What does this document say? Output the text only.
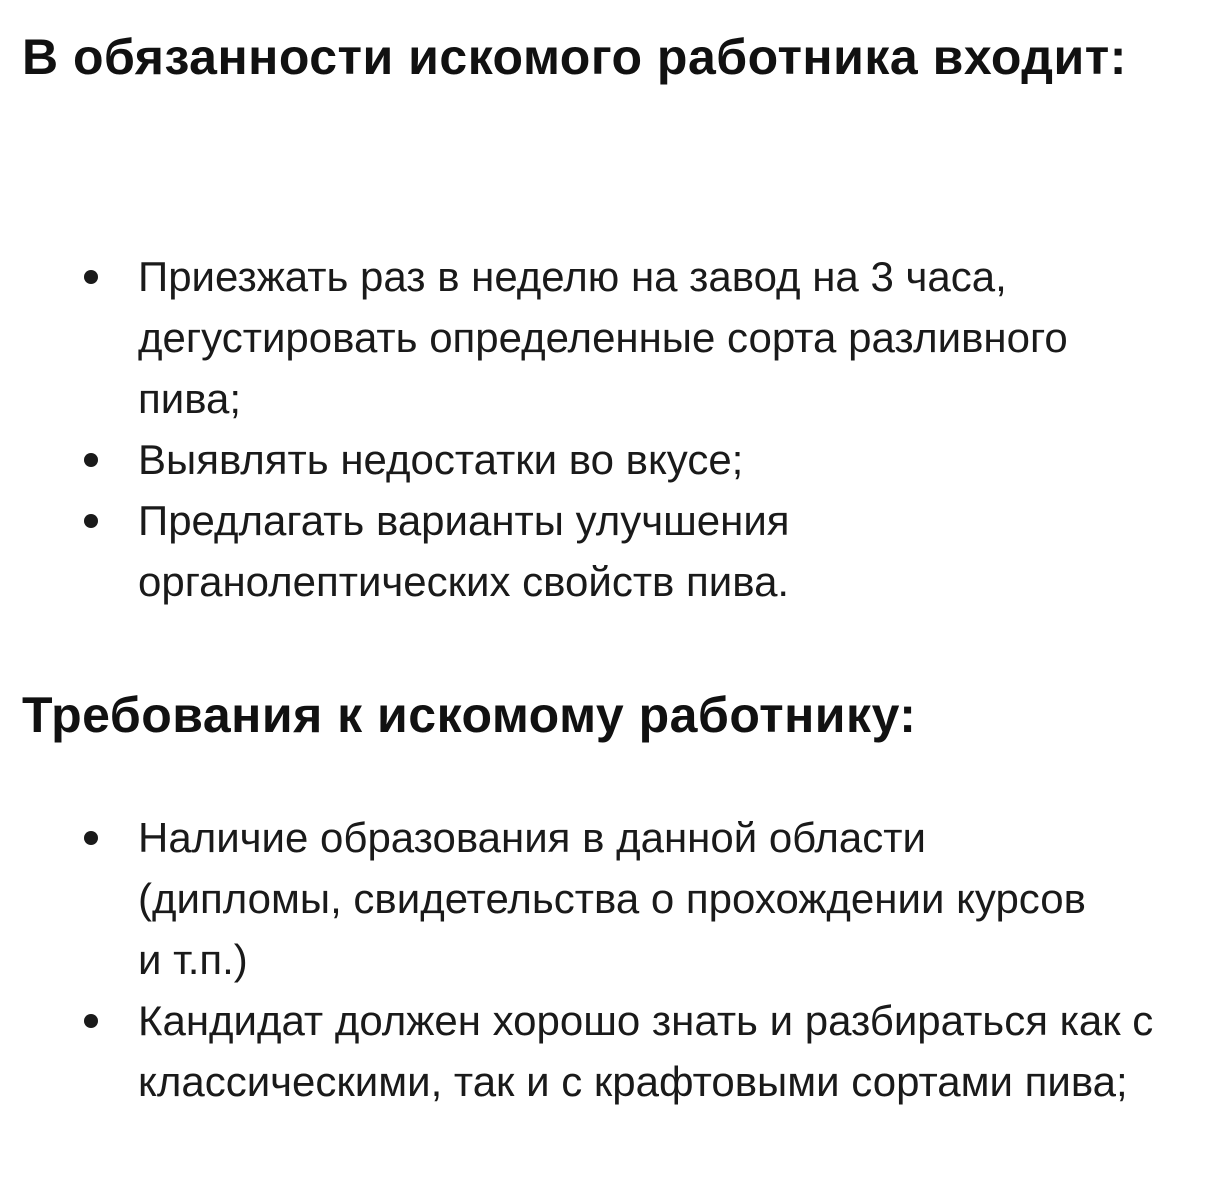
В обязанности искомого работника входит:
Приезжать раз в неделю на завод на 3 часа, дегустировать определенные сорта разливного пива;
Выявлять недостатки во вкусе;
Предлагать варианты улучшения органолептических свойств пива.
Требования к искомому работнику:
Наличие образования в данной области (дипломы, свидетельства о прохождении курсов и т.п.)
Кандидат должен хорошо знать и разбираться как с классическими, так и с крафтовыми сортами пива;
